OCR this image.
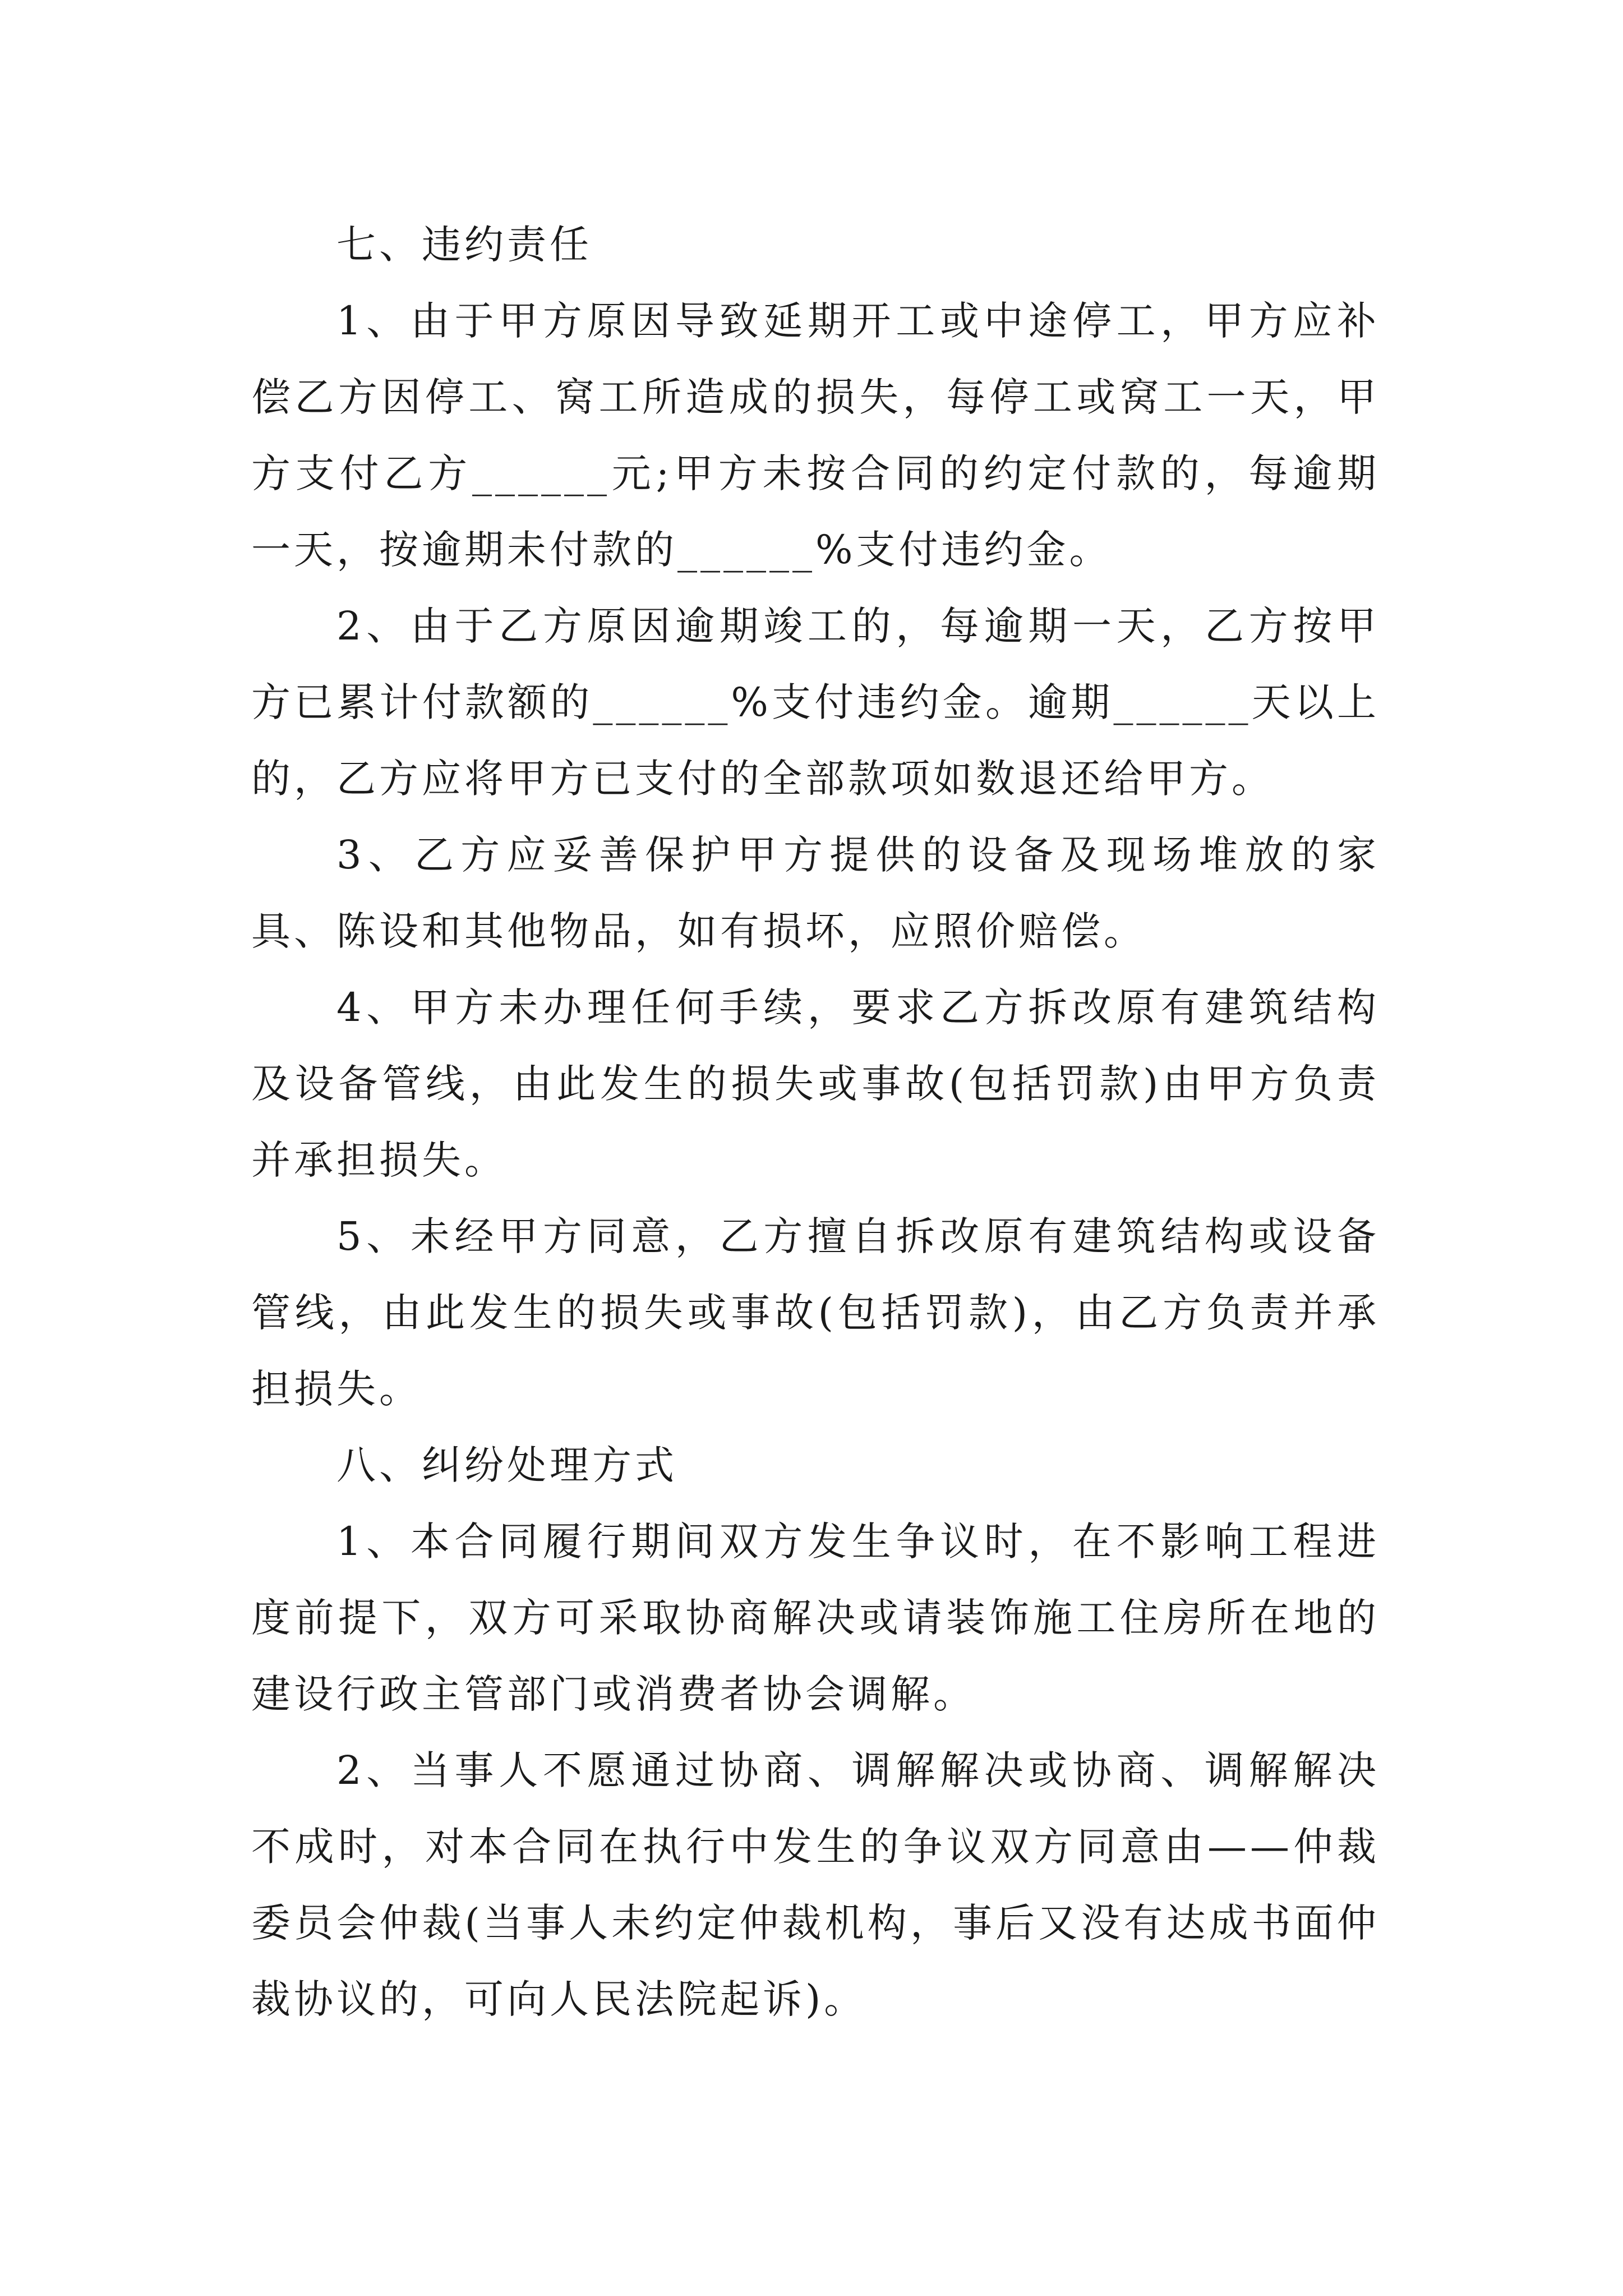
七、违约责任

1、由于甲方原因导致延期开工或中途停工，甲方应补偿乙方因停工、窝工所造成的损失，每停工或窝工一天，甲方支付乙方______元;甲方未按合同的约定付款的，每逾期一天，按逾期未付款的______%支付违约金。

2、由于乙方原因逾期竣工的，每逾期一天，乙方按甲方已累计付款额的______%支付违约金。逾期______天以上的，乙方应将甲方已支付的全部款项如数退还给甲方。

3、乙方应妥善保护甲方提供的设备及现场堆放的家具、陈设和其他物品，如有损坏，应照价赔偿。

4、甲方未办理任何手续，要求乙方拆改原有建筑结构及设备管线，由此发生的损失或事故(包括罚款)由甲方负责并承担损失。

5、未经甲方同意，乙方擅自拆改原有建筑结构或设备管线，由此发生的损失或事故(包括罚款)，由乙方负责并承担损失。

八、纠纷处理方式

1、本合同履行期间双方发生争议时，在不影响工程进度前提下，双方可采取协商解决或请装饰施工住房所在地的建设行政主管部门或消费者协会调解。

2、当事人不愿通过协商、调解解决或协商、调解解决不成时，对本合同在执行中发生的争议双方同意由——仲裁委员会仲裁(当事人未约定仲裁机构，事后又没有达成书面仲裁协议的，可向人民法院起诉)。
